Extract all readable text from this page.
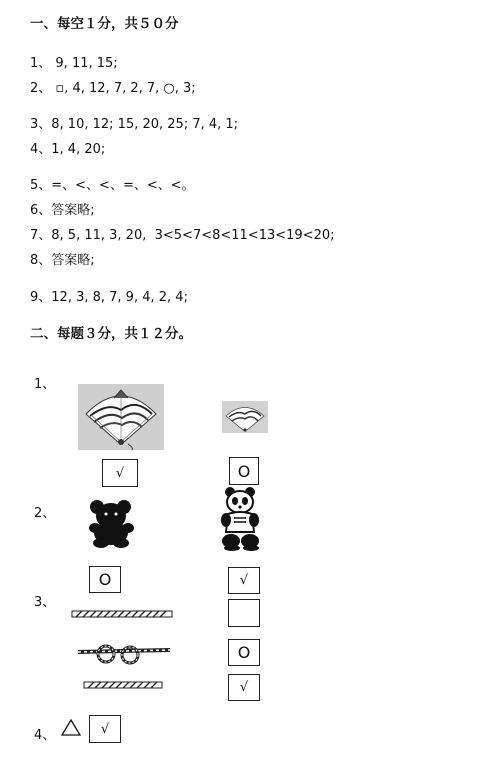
一、每空１分，共５０分
1、 9, 11, 15;
2、 ▫, 4, 12, 7, 2, 7, ○, 3;
3、8, 10, 12; 15, 20, 25; 7, 4, 1;
4、1, 4, 20;
5、=、<、<、=、<、<。
6、答案略;
7、8, 5, 11, 3, 20,  3<5<7<8<11<13<19<20;
8、答案略;
9、12, 3, 8, 7, 9, 4, 2, 4;
二、每题３分，共１２分。
1、
√	O
2、
O	√
3、
O
√
4、	√
